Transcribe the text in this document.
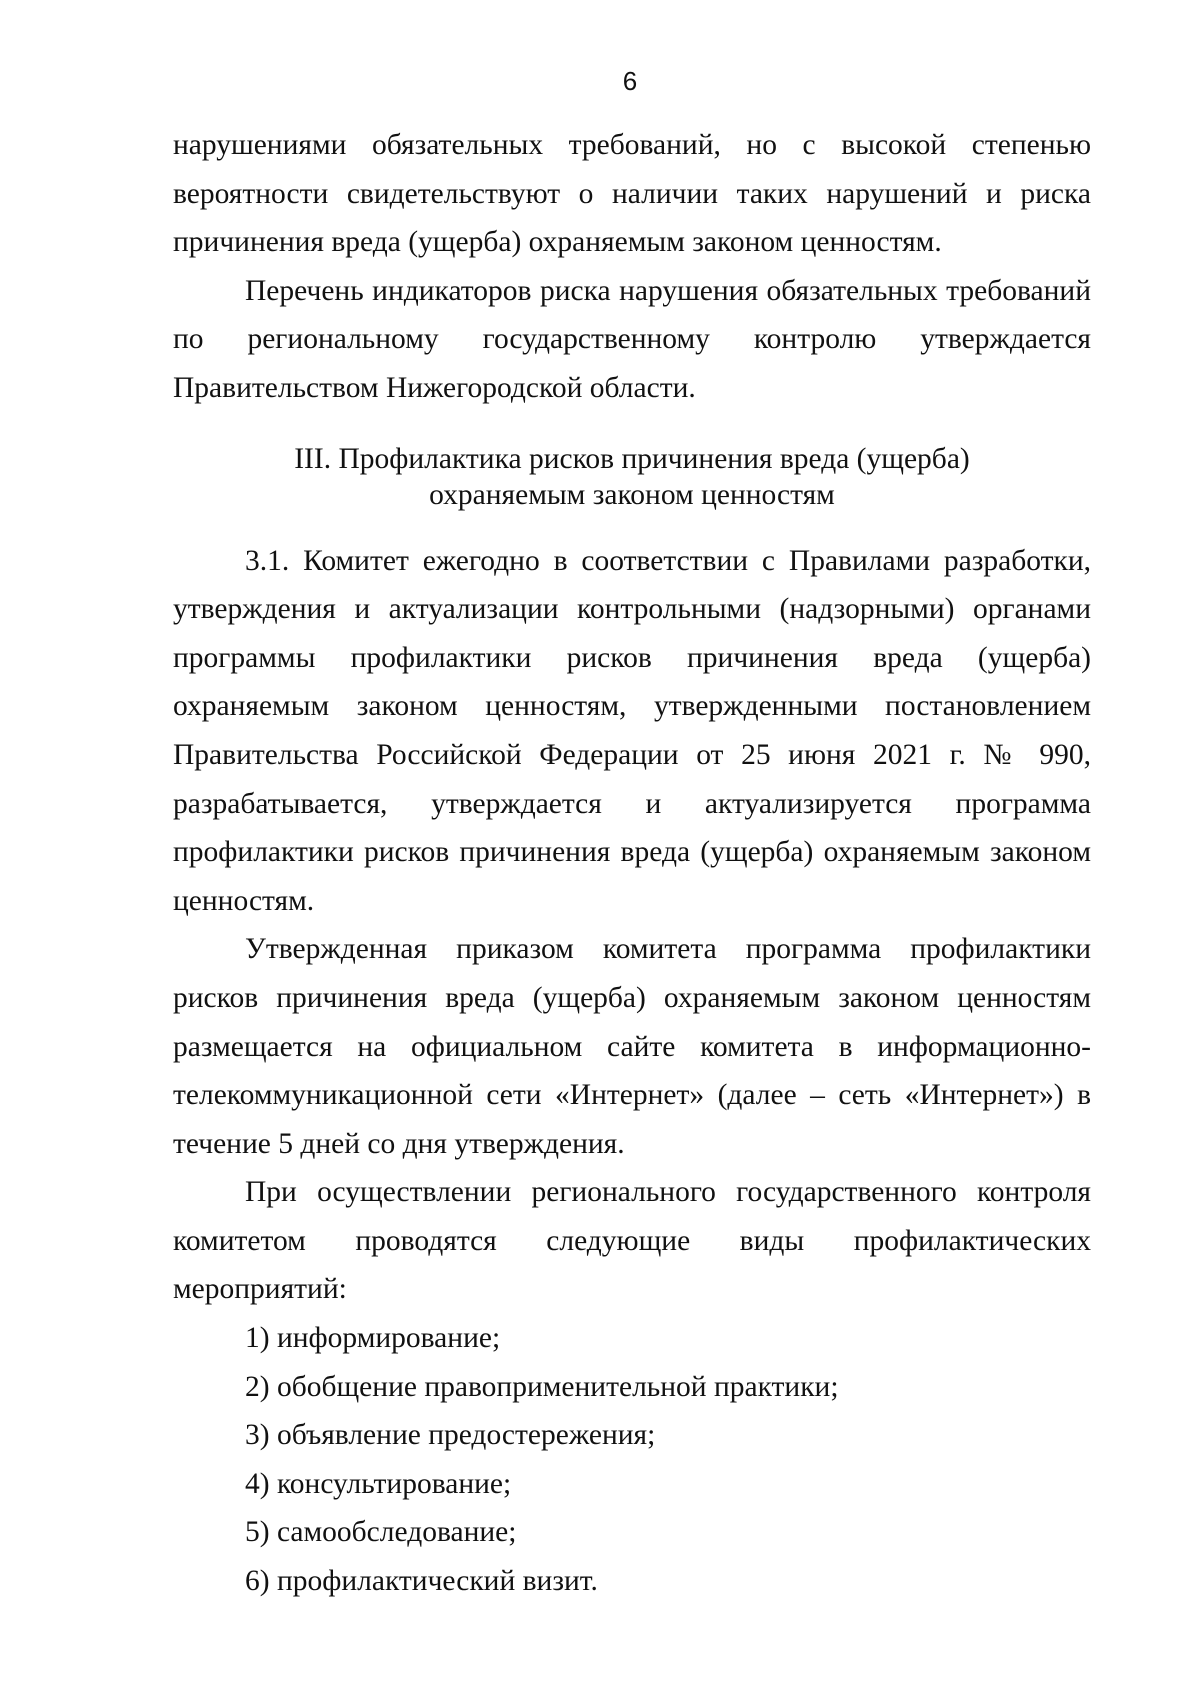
6

нарушениями обязательных требований, но с высокой степенью вероятности свидетельствуют о наличии таких нарушений и риска причинения вреда (ущерба) охраняемым законом ценностям.

Перечень индикаторов риска нарушения обязательных требований по региональному государственному контролю утверждается Правительством Нижегородской области.

III. Профилактика рисков причинения вреда (ущерба)

охраняемым законом ценностям

3.1. Комитет ежегодно в соответствии с Правилами разработки, утверждения и актуализации контрольными (надзорными) органами программы профилактики рисков причинения вреда (ущерба) охраняемым законом ценностям, утвержденными постановлением Правительства Российской Федерации от 25 июня 2021 г. № 990, разрабатывается, утверждается и актуализируется программа профилактики рисков причинения вреда (ущерба) охраняемым законом ценностям.

Утвержденная приказом комитета программа профилактики рисков причинения вреда (ущерба) охраняемым законом ценностям размещается на официальном сайте комитета в информационно-телекоммуникационной сети «Интернет» (далее – сеть «Интернет») в течение 5 дней со дня утверждения.

При осуществлении регионального государственного контроля комитетом проводятся следующие виды профилактических мероприятий:

1) информирование;

2) обобщение правоприменительной практики;

3) объявление предостережения;

4) консультирование;

5) самообследование;

6) профилактический визит.
